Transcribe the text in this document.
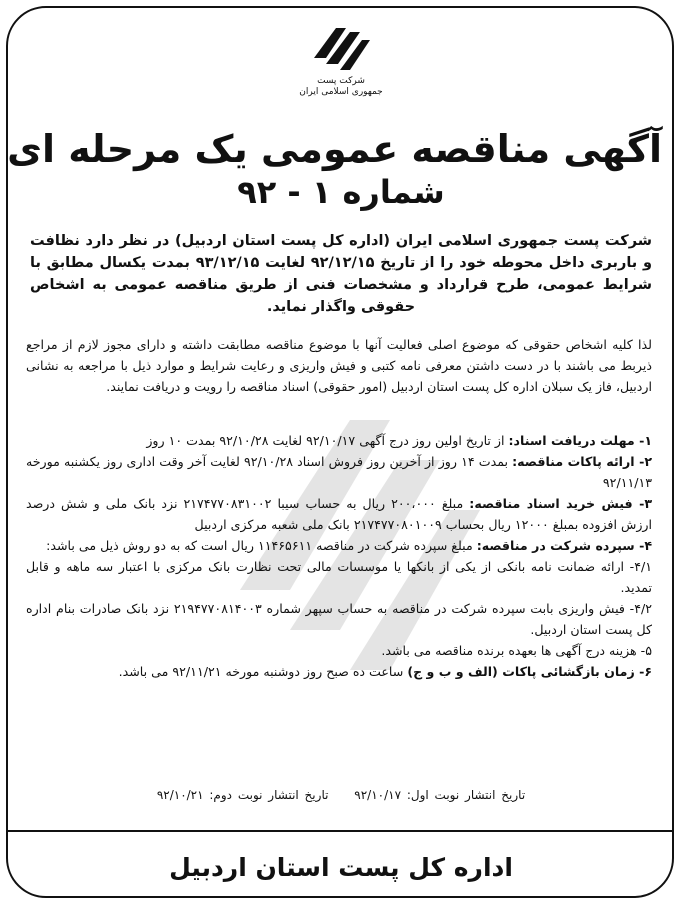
شرکت پست
جمهوری اسلامی ایران
آگهی مناقصه عمومی یک مرحله ای
شماره ۱ - ۹۲
شرکت پست جمهوری اسلامی ایران (اداره کل پست استان اردبیل) در نظر دارد نظافت و باربری داخل محوطه خود را از تاریخ ۹۲/۱۲/۱۵ لغایت ۹۳/۱۲/۱۵ بمدت یکسال مطابق با شرایط عمومی، طرح قرارداد و مشخصات فنی از طریق مناقصه عمومی به اشخاص حقوقی واگذار نماید.
لذا کلیه اشخاص حقوقی که موضوع اصلی فعالیت آنها با موضوع مناقصه مطابقت داشته و دارای مجوز لازم از مراجع ذیربط می باشند با در دست داشتن معرفی نامه کتبی و فیش واریزی و رعایت شرایط و موارد ذیل با مراجعه به نشانی اردبیل، فاز یک سبلان اداره کل پست استان اردبیل (امور حقوقی) اسناد مناقصه را رویت و دریافت نمایند.

۱- مهلت دریافت اسناد: از تاریخ اولین روز درج آگهی ۹۲/۱۰/۱۷ لغایت ۹۲/۱۰/۲۸ بمدت ۱۰ روز

۲- ارائه پاکات مناقصه: بمدت ۱۴ روز از آخرین روز فروش اسناد ۹۲/۱۰/۲۸ لغایت آخر وقت اداری روز یکشنبه مورخه ۹۲/۱۱/۱۳

۳- فیش خرید اسناد مناقصه: مبلغ ۲۰۰،۰۰۰ ریال به حساب سیبا ۲۱۷۴۷۷۰۸۳۱۰۰۲ نزد بانک ملی و شش درصد ارزش افزوده بمبلغ ۱۲۰۰۰ ریال بحساب ۲۱۷۴۷۷۰۸۰۱۰۰۹ بانک ملی شعبه مرکزی اردبیل

۴- سپرده شرکت در مناقصه: مبلغ سپرده شرکت در مناقصه ۱۱۴۶۵۶۱۱ ریال است که به دو روش ذیل می باشد:

۴/۱- ارائه ضمانت نامه بانکی از یکی از بانکها یا موسسات مالی تحت نظارت بانک مرکزی با اعتبار سه ماهه و قابل تمدید.

۴/۲- فیش واریزی بابت سپرده شرکت در مناقصه به حساب سپهر شماره ۲۱۹۴۷۷۰۸۱۴۰۰۳ نزد بانک صادرات بنام اداره کل پست استان اردبیل.

۵- هزینه درج آگهی ها بعهده برنده مناقصه می باشد.

۶- زمان بازگشائی پاکات (الف و ب و ج) ساعت ده صبح روز دوشنبه مورخه ۹۲/۱۱/۲۱ می باشد.

تاریخ انتشار نوبت اول: ۹۲/۱۰/۱۷ تاریخ انتشار نوبت دوم: ۹۲/۱۰/۲۱
اداره کل پست استان اردبیل
